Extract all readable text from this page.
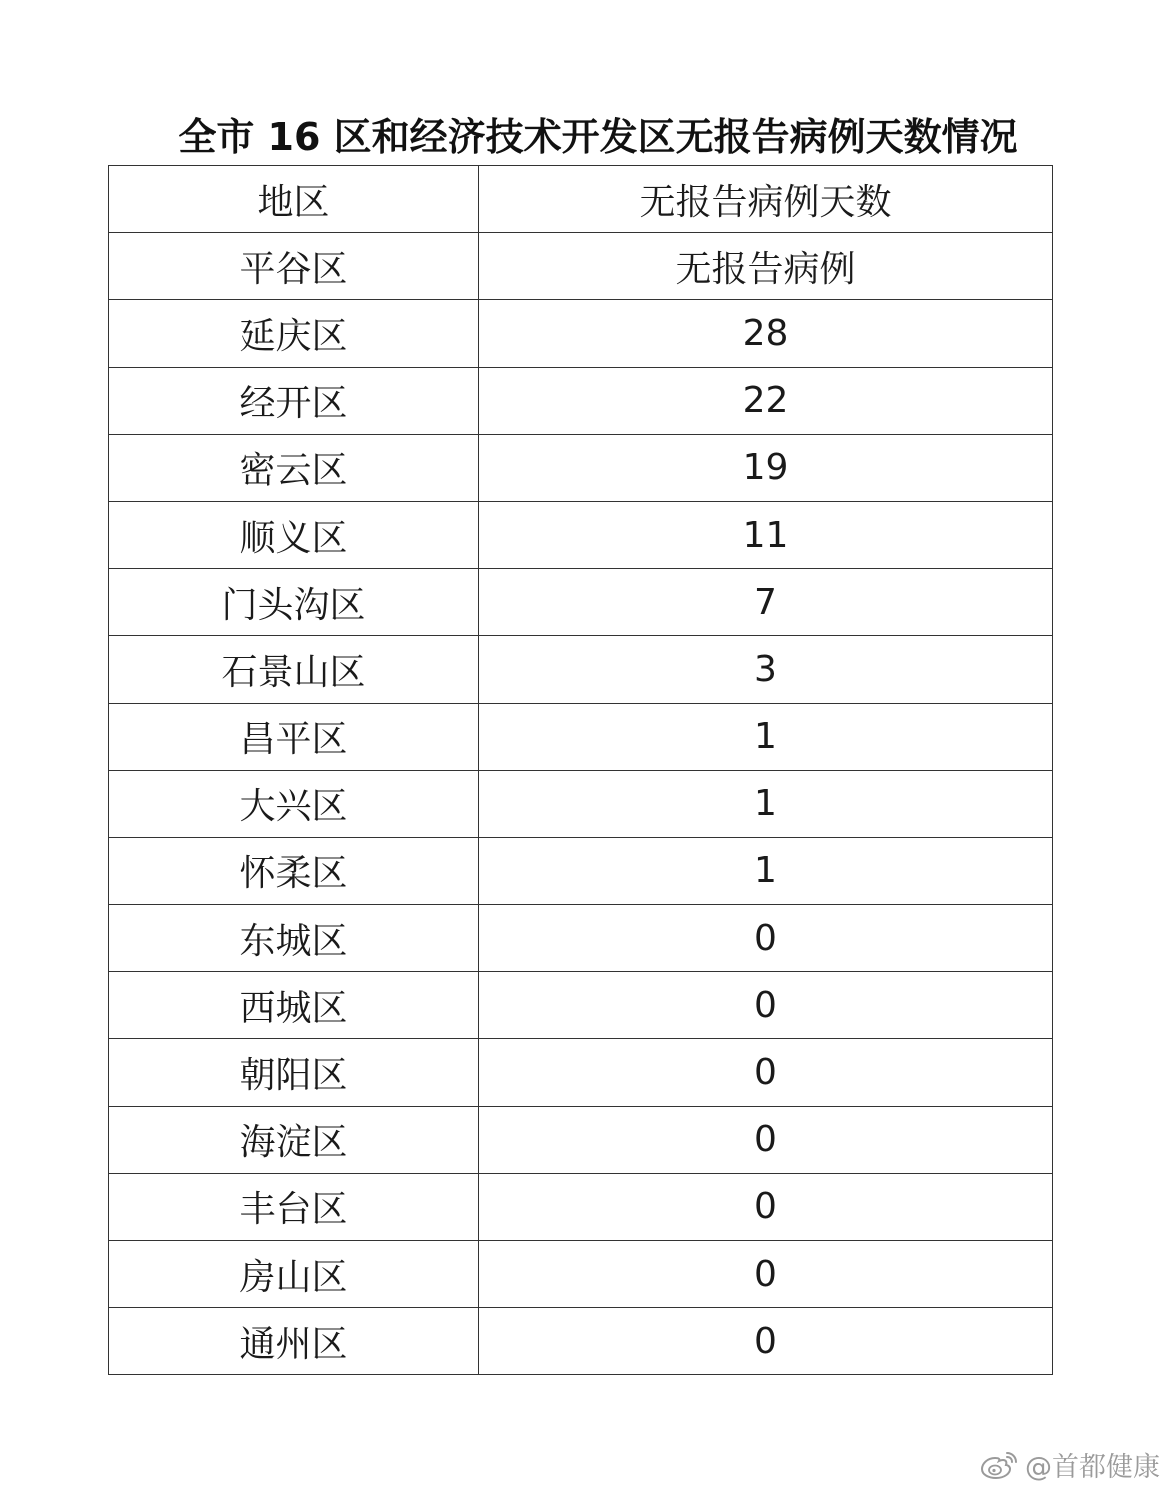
全市 16 区和经济技术开发区无报告病例天数情况
地区	无报告病例天数
平谷区	无报告病例
延庆区	28
经开区	22
密云区	19
顺义区	11
门头沟区	7
石景山区	3
昌平区	1
大兴区	1
怀柔区	1
东城区	0
西城区	0
朝阳区	0
海淀区	0
丰台区	0
房山区	0
通州区	0
@首都健康
